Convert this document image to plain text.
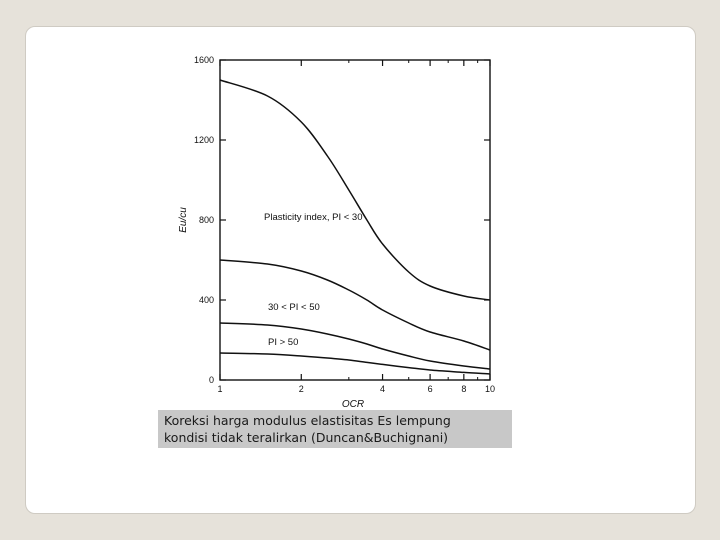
0
400
800
1200
1600
1	2	4	6	8 10
Plasticity index, PI < 30
30 < PI < 50
PI > 50
OCR
Eu/cu
Koreksi harga modulus elastisitas Es lempung
kondisi tidak teralirkan (Duncan&Buchignani)
